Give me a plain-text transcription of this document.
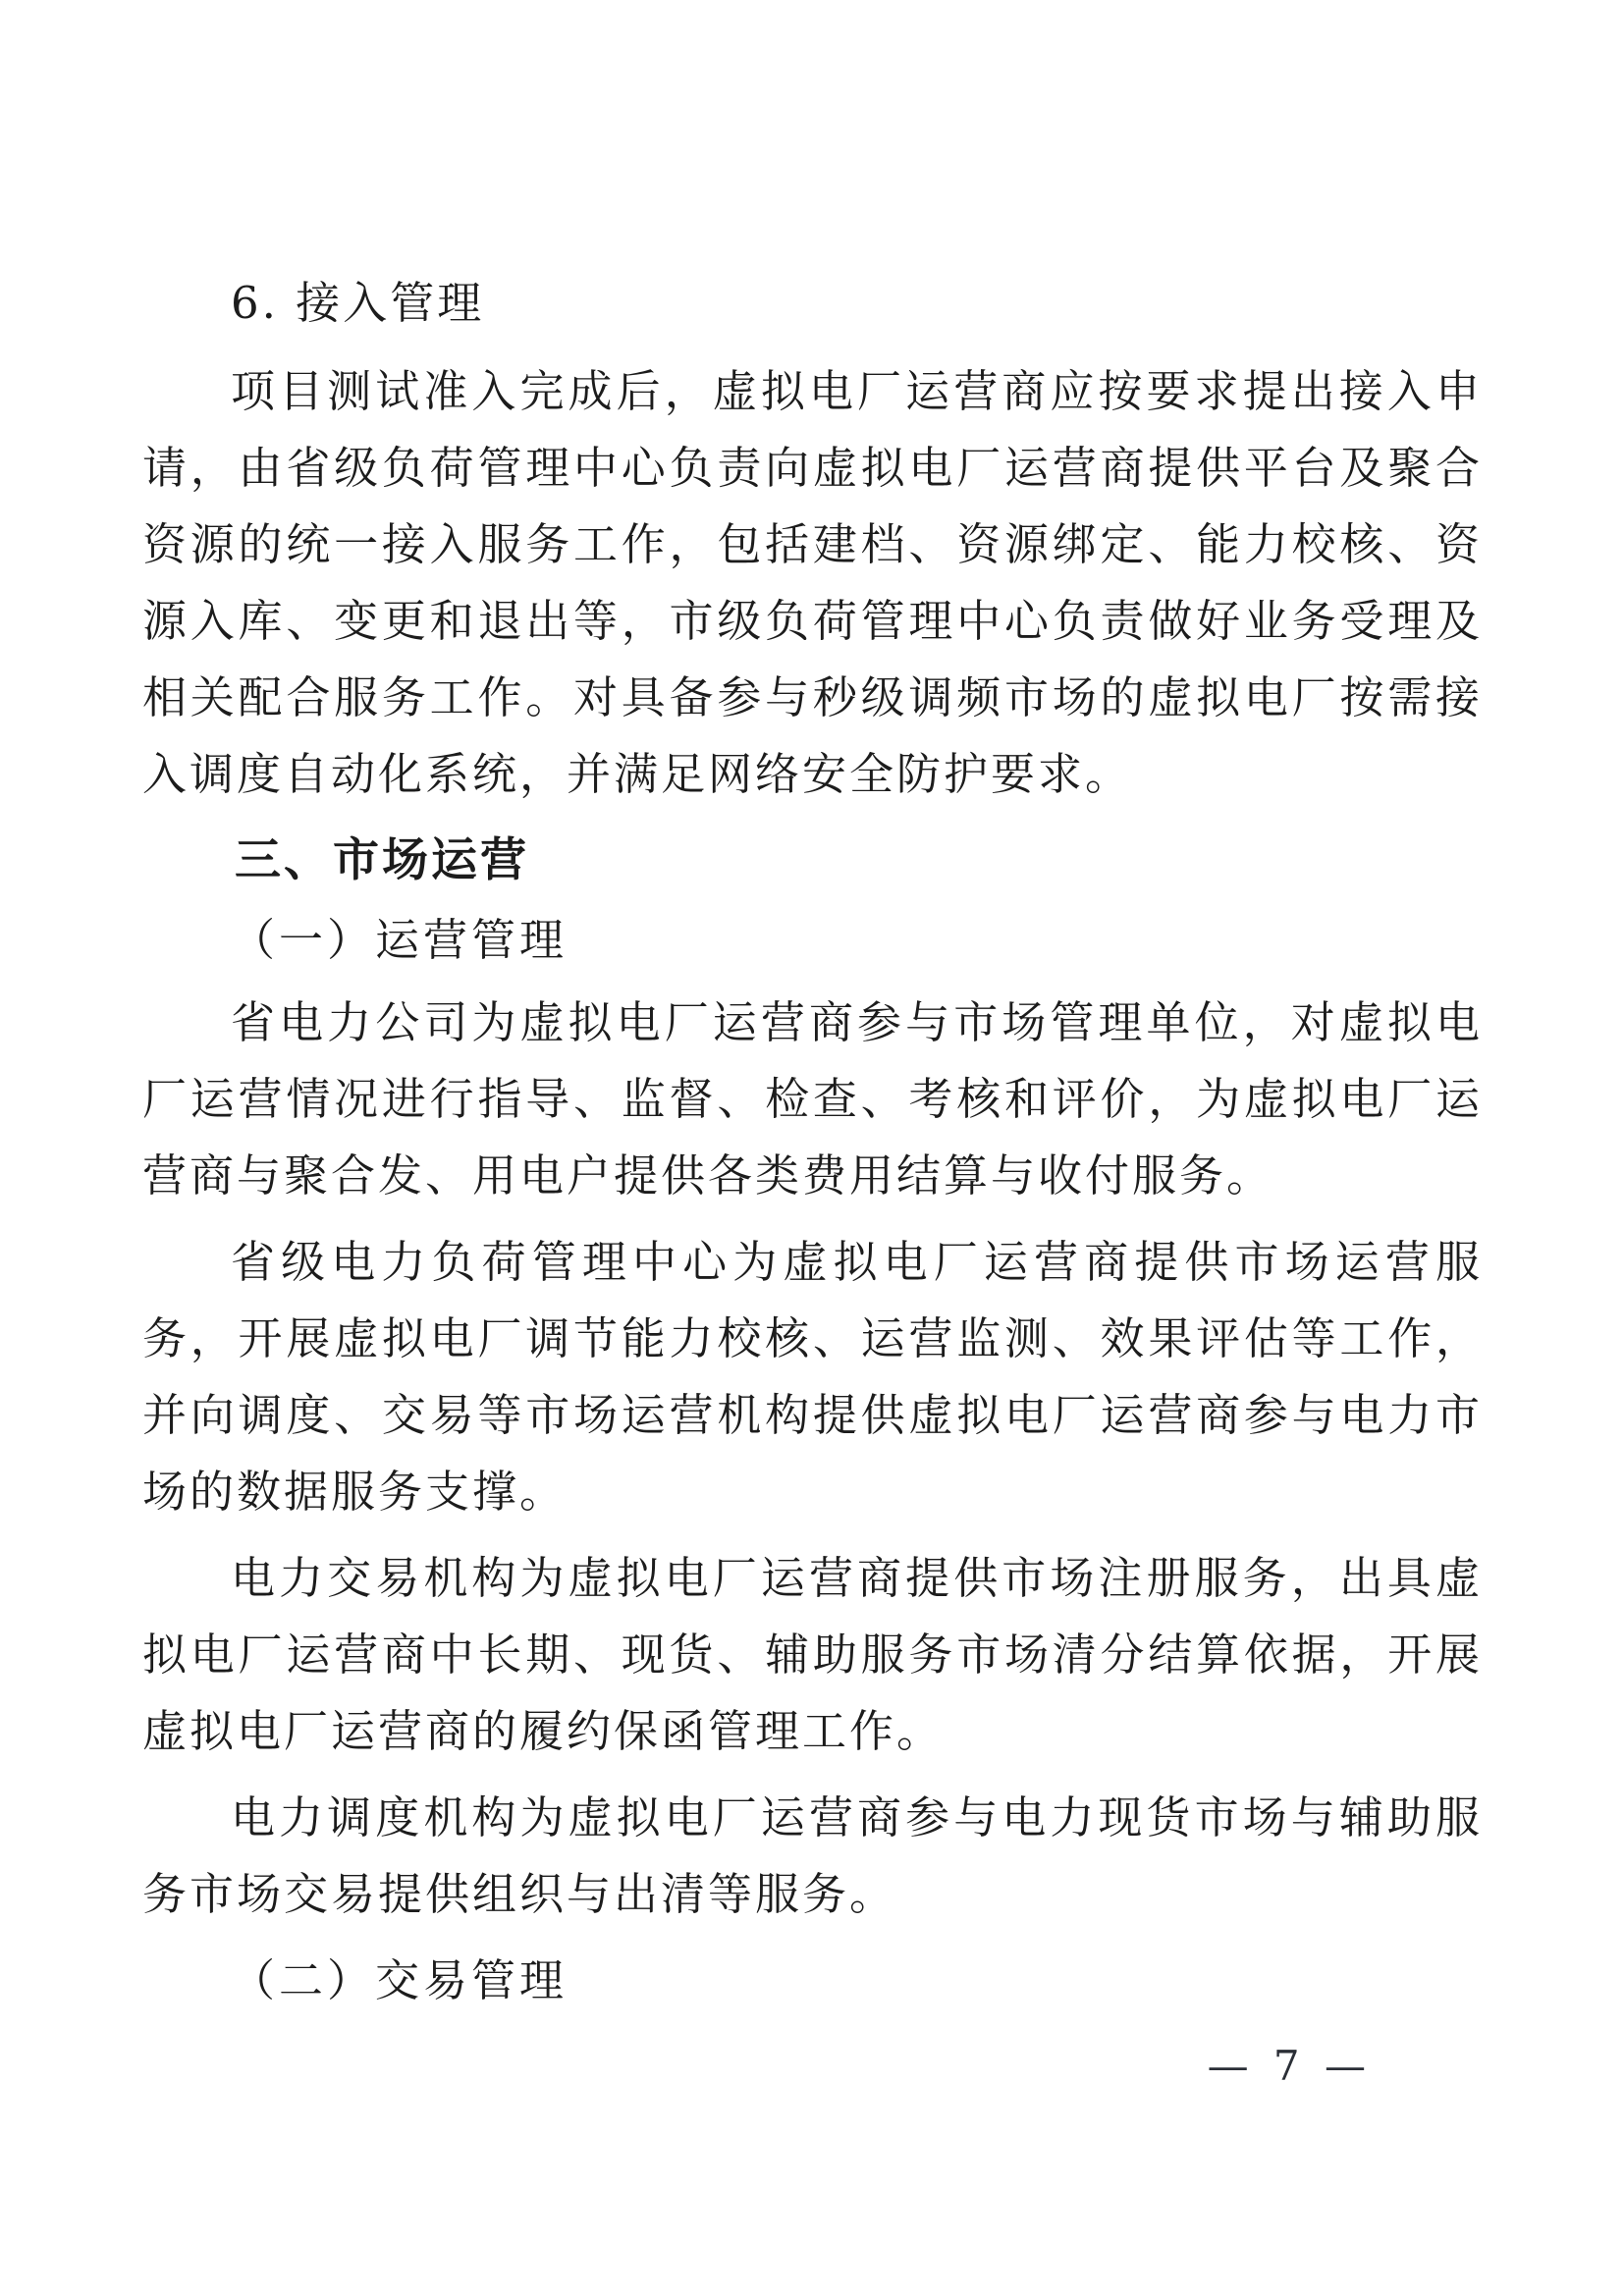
6. 接入管理

项目测试准入完成后，虚拟电厂运营商应按要求提出接入申请，由省级负荷管理中心负责向虚拟电厂运营商提供平台及聚合资源的统一接入服务工作，包括建档、资源绑定、能力校核、资源入库、变更和退出等，市级负荷管理中心负责做好业务受理及相关配合服务工作。对具备参与秒级调频市场的虚拟电厂按需接入调度自动化系统，并满足网络安全防护要求。

三、市场运营
（一）运营管理

省电力公司为虚拟电厂运营商参与市场管理单位，对虚拟电厂运营情况进行指导、监督、检查、考核和评价，为虚拟电厂运营商与聚合发、用电户提供各类费用结算与收付服务。

省级电力负荷管理中心为虚拟电厂运营商提供市场运营服务，开展虚拟电厂调节能力校核、运营监测、效果评估等工作，并向调度、交易等市场运营机构提供虚拟电厂运营商参与电力市场的数据服务支撑。

电力交易机构为虚拟电厂运营商提供市场注册服务，出具虚拟电厂运营商中长期、现货、辅助服务市场清分结算依据，开展虚拟电厂运营商的履约保函管理工作。

电力调度机构为虚拟电厂运营商参与电力现货市场与辅助服务市场交易提供组织与出清等服务。

（二）交易管理
— 7 —
